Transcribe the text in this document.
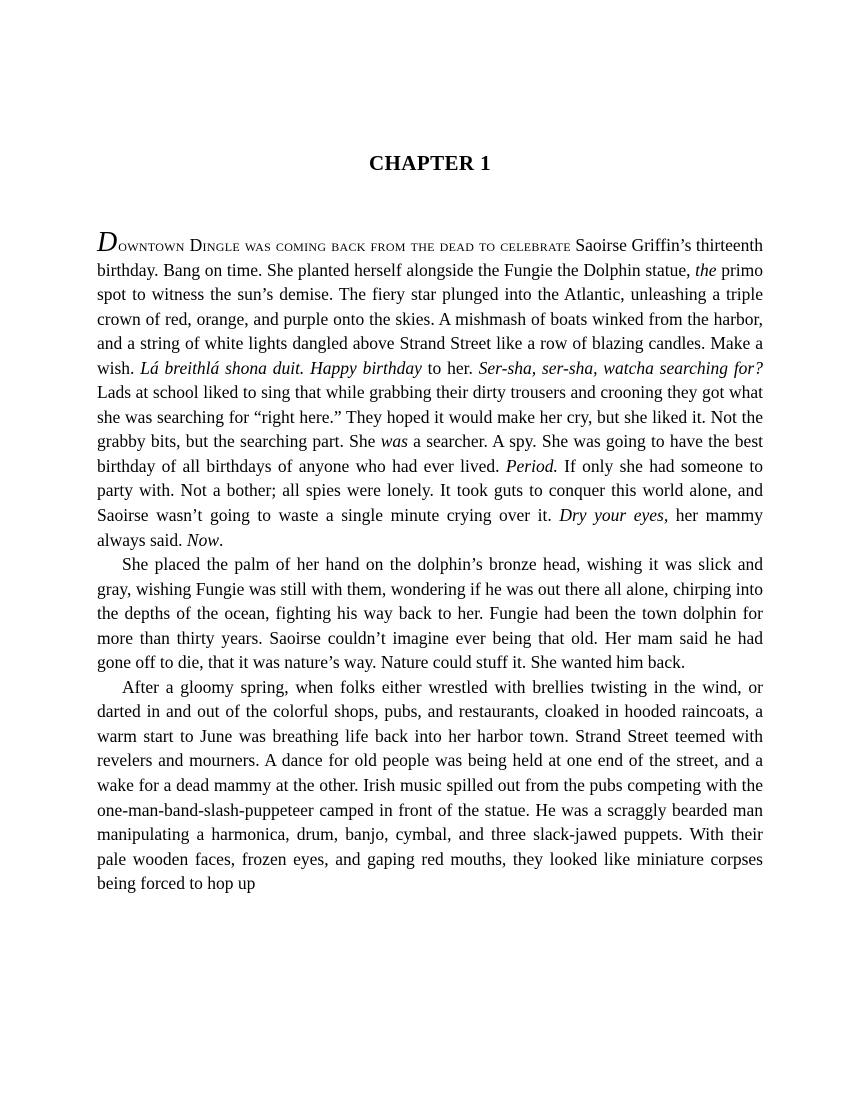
CHAPTER 1

Downtown Dingle was coming back from the dead to celebrate Saoirse Griffin’s thirteenth birthday. Bang on time. She planted herself alongside the Fungie the Dolphin statue, the primo spot to witness the sun’s demise. The fiery star plunged into the Atlantic, unleashing a triple crown of red, orange, and purple onto the skies. A mishmash of boats winked from the harbor, and a string of white lights dangled above Strand Street like a row of blazing candles. Make a wish. Lá breithlá shona duit. Happy birthday to her. Ser-sha, ser-sha, watcha searching for? Lads at school liked to sing that while grabbing their dirty trousers and crooning they got what she was searching for “right here.” They hoped it would make her cry, but she liked it. Not the grabby bits, but the searching part. She was a searcher. A spy. She was going to have the best birthday of all birthdays of anyone who had ever lived. Period. If only she had someone to party with. Not a bother; all spies were lonely. It took guts to conquer this world alone, and Saoirse wasn’t going to waste a single minute crying over it. Dry your eyes, her mammy always said. Now.

She placed the palm of her hand on the dolphin’s bronze head, wishing it was slick and gray, wishing Fungie was still with them, wondering if he was out there all alone, chirping into the depths of the ocean, fighting his way back to her. Fungie had been the town dolphin for more than thirty years. Saoirse couldn’t imagine ever being that old. Her mam said he had gone off to die, that it was nature’s way. Nature could stuff it. She wanted him back.

After a gloomy spring, when folks either wrestled with brellies twisting in the wind, or darted in and out of the colorful shops, pubs, and restaurants, cloaked in hooded raincoats, a warm start to June was breathing life back into her harbor town. Strand Street teemed with revelers and mourners. A dance for old people was being held at one end of the street, and a wake for a dead mammy at the other. Irish music spilled out from the pubs competing with the one-man-band-slash-puppeteer camped in front of the statue. He was a scraggly bearded man manipulating a harmonica, drum, banjo, cymbal, and three slack-jawed puppets. With their pale wooden faces, frozen eyes, and gaping red mouths, they looked like miniature corpses being forced to hop up
